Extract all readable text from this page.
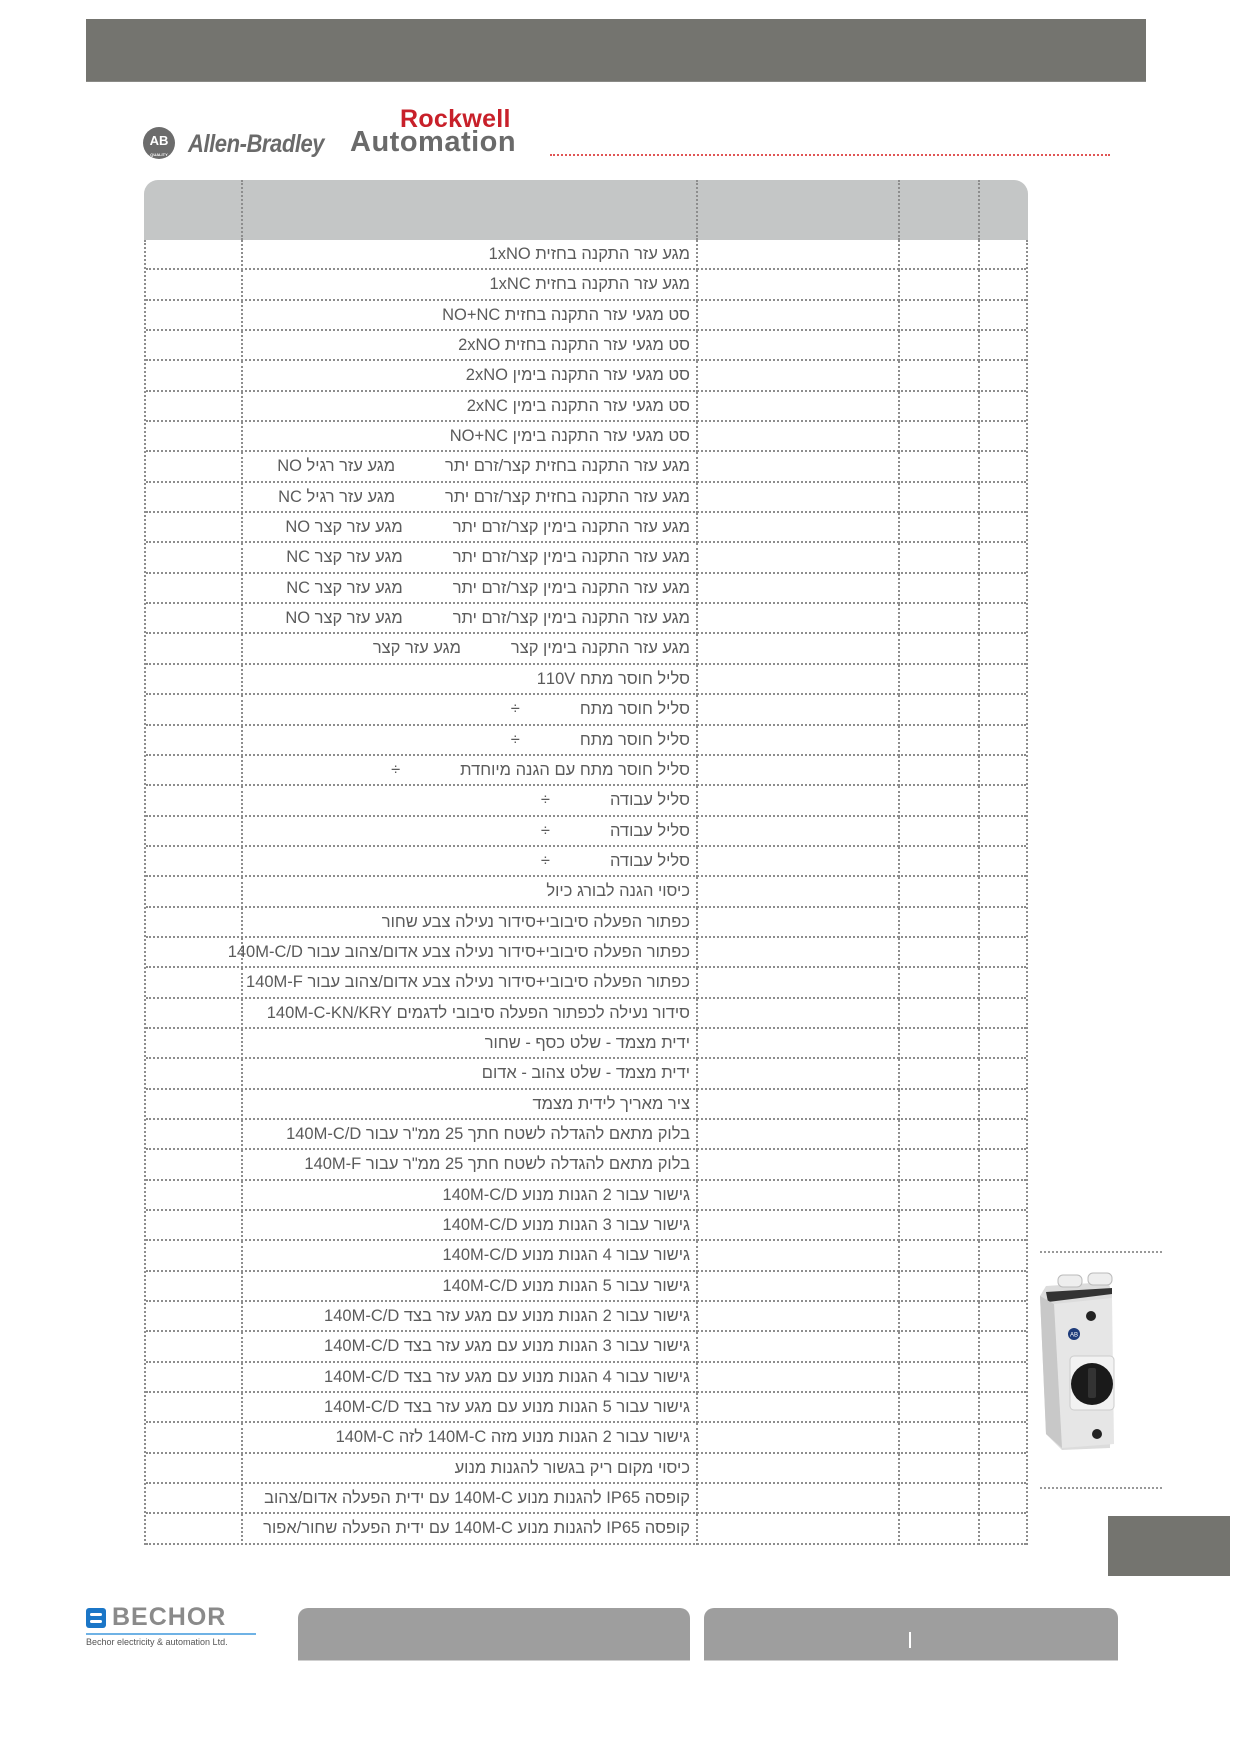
AB
QUALITY Allen-Bradley
Rockwell
Automation
מגע עזר התקנה בחזית 1xNO
מגע עזר התקנה בחזית 1xNC
סט מגעי עזר התקנה בחזית NO+NC
סט מגעי עזר התקנה בחזית 2xNO
סט מגעי עזר התקנה בימין 2xNO
סט מגעי עזר התקנה בימין 2xNC
סט מגעי עזר התקנה בימין NO+NC
מגע עזר התקנה בחזית קצר/זרם יתרמגע עזר רגיל NO
מגע עזר התקנה בחזית קצר/זרם יתרמגע עזר רגיל NC
מגע עזר התקנה בימין קצר/זרם יתרמגע עזר קצר NO
מגע עזר התקנה בימין קצר/זרם יתרמגע עזר קצר NC
מגע עזר התקנה בימין קצר/זרם יתרמגע עזר קצר NC
מגע עזר התקנה בימין קצר/זרם יתרמגע עזר קצר NO
מגע עזר התקנה בימין קצרמגע עזר קצר
סליל חוסר מתח 110V
סליל חוסר מתח÷
סליל חוסר מתח÷
סליל חוסר מתח עם הגנה מיוחדת÷
סליל עבודה÷
סליל עבודה÷
סליל עבודה÷
כיסוי הגנה לבורג כיול
כפתור הפעלה סיבובי+סידור נעילה צבע שחור
כפתור הפעלה סיבובי+סידור נעילה צבע אדום/צהוב עבור 140M-C/D
כפתור הפעלה סיבובי+סידור נעילה צבע אדום/צהוב עבור 140M-F
סידור נעילה לכפתור הפעלה סיבובי לדגמים 140M-C-KN/KRY
ידית מצמד - שלט כסף - שחור
ידית מצמד - שלט צהוב - אדום
ציר מאריך לידית מצמד
בלוק מתאם להגדלה לשטח חתך 25 ממ"ר עבור 140M-C/D
בלוק מתאם להגדלה לשטח חתך 25 ממ"ר עבור 140M-F
גישור עבור 2 הגנות מנוע 140M-C/D
גישור עבור 3 הגנות מנוע 140M-C/D
גישור עבור 4 הגנות מנוע 140M-C/D
גישור עבור 5 הגנות מנוע 140M-C/D
גישור עבור 2 הגנות מנוע עם מגע עזר בצד 140M-C/D
גישור עבור 3 הגנות מנוע עם מגע עזר בצד 140M-C/D
גישור עבור 4 הגנות מנוע עם מגע עזר בצד 140M-C/D
גישור עבור 5 הגנות מנוע עם מגע עזר בצד 140M-C/D
גישור עבור 2 הגנות מנוע מזה 140M-C לזה 140M-C
כיסוי מקום ריק בגשור להגנות מנוע
קופסה IP65 להגנות מנוע 140M-C עם ידית הפעלה אדום/צהוב
קופסה IP65 להגנות מנוע 140M-C עם ידית הפעלה שחור/אפור
AB
BECHOR
Bechor electricity & automation Ltd.
